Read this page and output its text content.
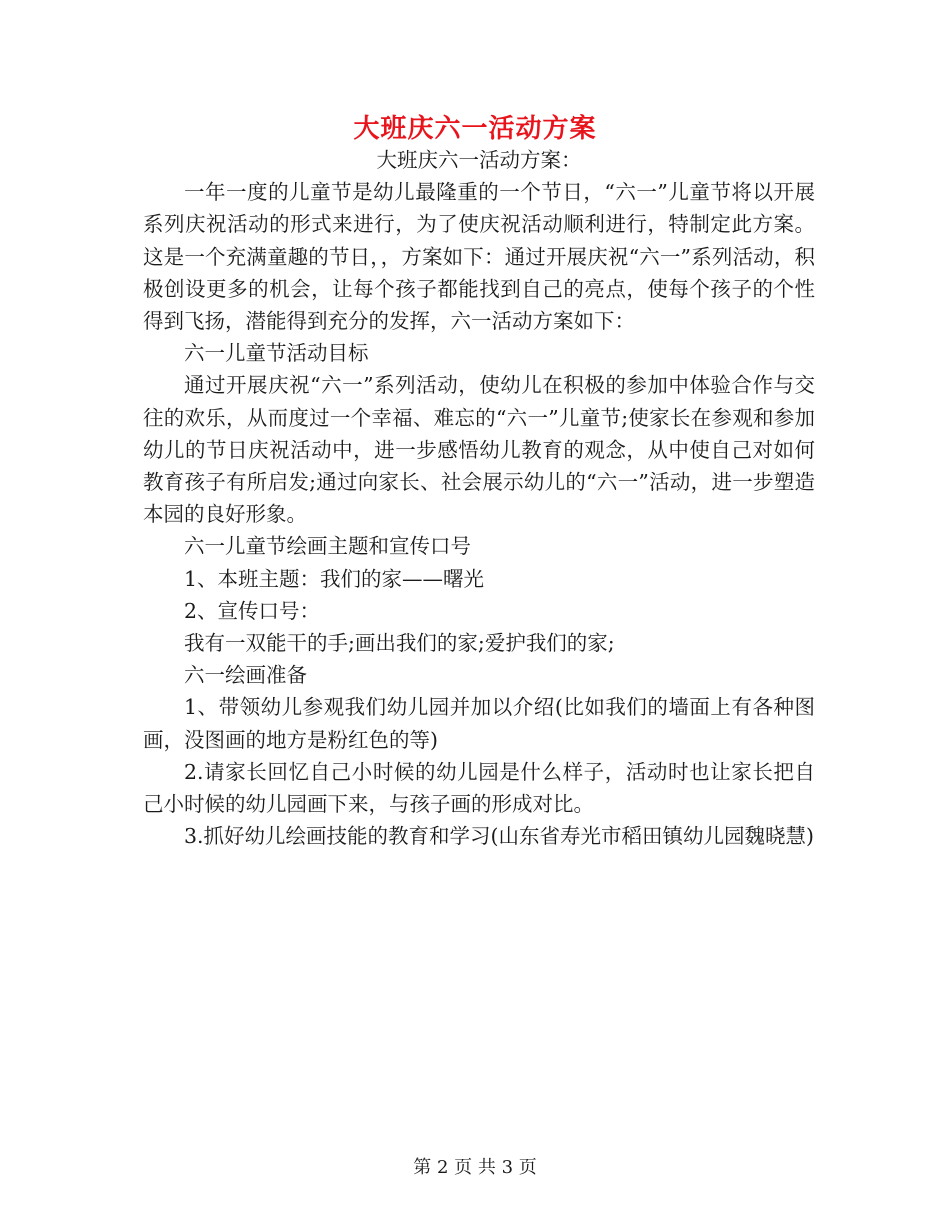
大班庆六一活动方案

大班庆六一活动方案：

一年一度的儿童节是幼儿最隆重的一个节日，“六一”儿童节将以开展系列庆祝活动的形式来进行，为了使庆祝活动顺利进行，特制定此方案。这是一个充满童趣的节日，，方案如下：通过开展庆祝“六一”系列活动，积极创设更多的机会，让每个孩子都能找到自己的亮点，使每个孩子的个性得到飞扬，潜能得到充分的发挥，六一活动方案如下：

六一儿童节活动目标

通过开展庆祝“六一”系列活动，使幼儿在积极的参加中体验合作与交往的欢乐，从而度过一个幸福、难忘的“六一”儿童节;使家长在参观和参加幼儿的节日庆祝活动中，进一步感悟幼儿教育的观念，从中使自己对如何教育孩子有所启发;通过向家长、社会展示幼儿的“六一”活动，进一步塑造本园的良好形象。

六一儿童节绘画主题和宣传口号

1、本班主题：我们的家——曙光

2、宣传口号：

我有一双能干的手;画出我们的家;爱护我们的家;

六一绘画准备

1、带领幼儿参观我们幼儿园并加以介绍(比如我们的墙面上有各种图画，没图画的地方是粉红色的等)

2.请家长回忆自己小时候的幼儿园是什么样子，活动时也让家长把自己小时候的幼儿园画下来，与孩子画的形成对比。

3.抓好幼儿绘画技能的教育和学习(山东省寿光市稻田镇幼儿园魏晓慧)

第 2 页 共 3 页
